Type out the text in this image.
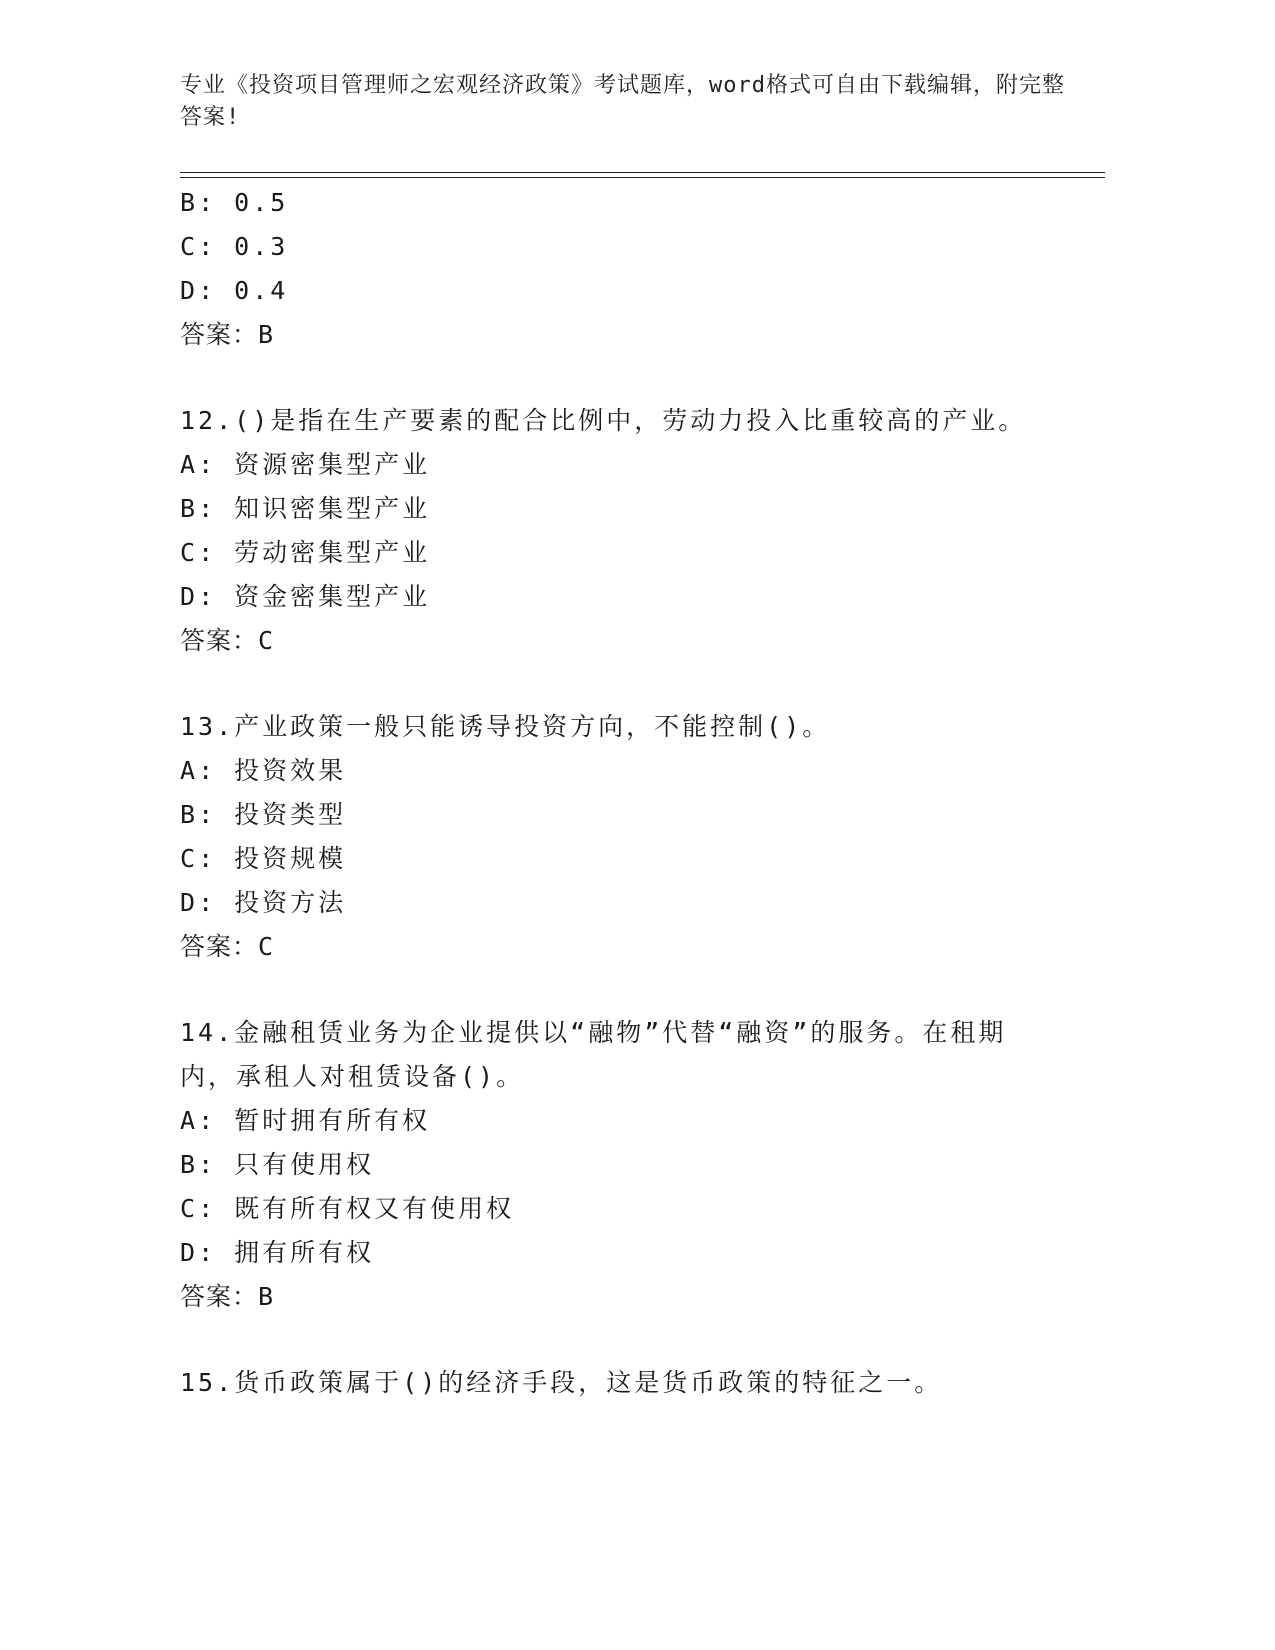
专业《投资项目管理师之宏观经济政策》考试题库，word格式可自由下载编辑，附完整答案!
B: 0.5
C: 0.3
D: 0.4
答案：B
12.()是指在生产要素的配合比例中，劳动力投入比重较高的产业。
A: 资源密集型产业
B: 知识密集型产业
C: 劳动密集型产业
D: 资金密集型产业
答案：C
13.产业政策一般只能诱导投资方向，不能控制()。
A: 投资效果
B: 投资类型
C: 投资规模
D: 投资方法
答案：C
14.金融租赁业务为企业提供以“融物”代替“融资”的服务。在租期内，承租人对租赁设备()。
A: 暂时拥有所有权
B: 只有使用权
C: 既有所有权又有使用权
D: 拥有所有权
答案：B
15.货币政策属于()的经济手段，这是货币政策的特征之一。
